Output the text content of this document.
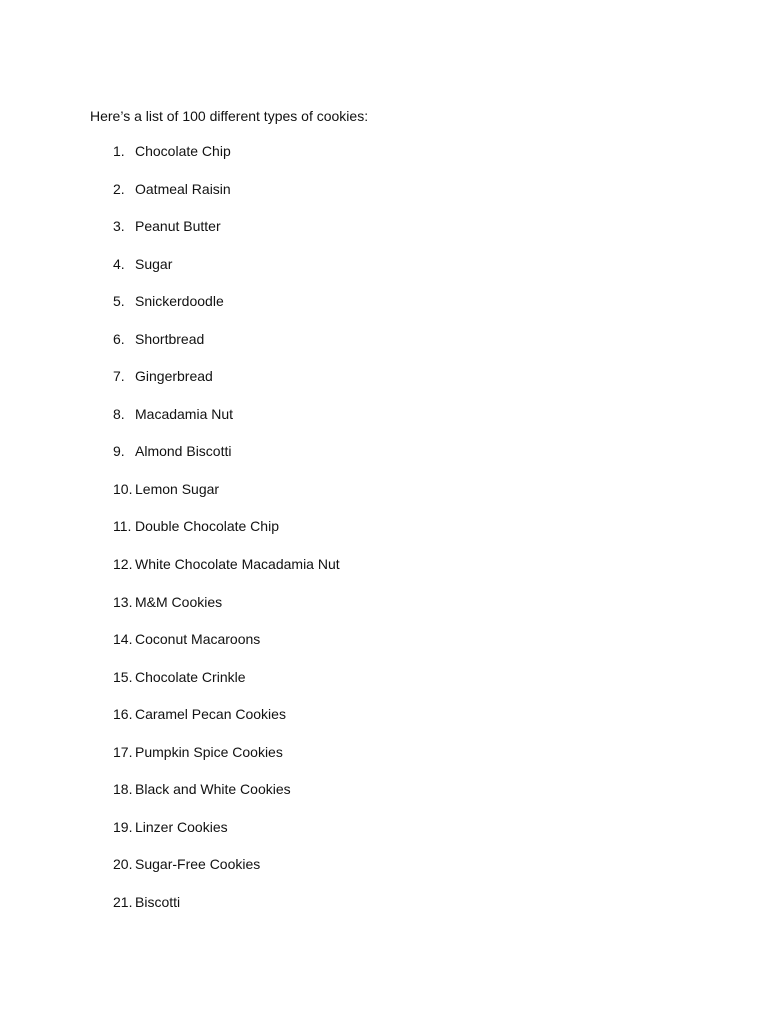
Here’s a list of 100 different types of cookies:
1. Chocolate Chip
2. Oatmeal Raisin
3. Peanut Butter
4. Sugar
5. Snickerdoodle
6. Shortbread
7. Gingerbread
8. Macadamia Nut
9. Almond Biscotti
10. Lemon Sugar
11. Double Chocolate Chip
12. White Chocolate Macadamia Nut
13. M&M Cookies
14. Coconut Macaroons
15. Chocolate Crinkle
16. Caramel Pecan Cookies
17. Pumpkin Spice Cookies
18. Black and White Cookies
19. Linzer Cookies
20. Sugar-Free Cookies
21. Biscotti
